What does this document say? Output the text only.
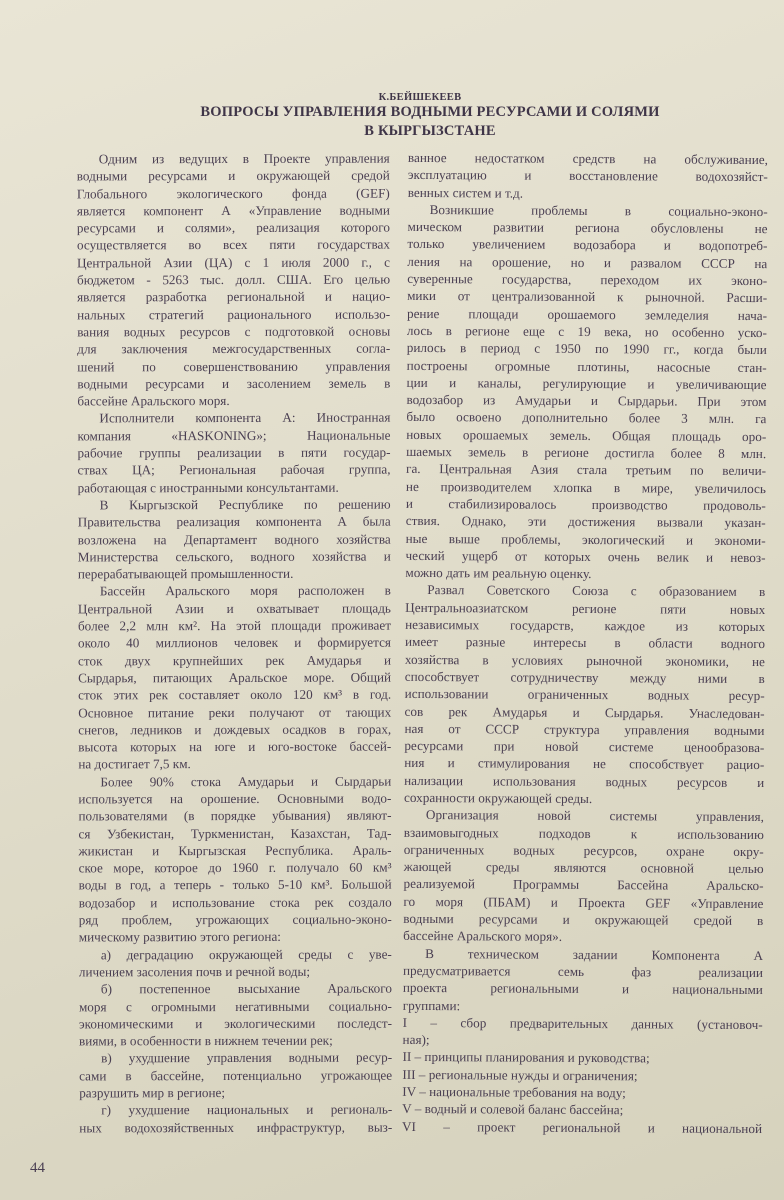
К.БЕЙШЕКЕЕВ
ВОПРОСЫ УПРАВЛЕНИЯ ВОДНЫМИ РЕСУРСАМИ И СОЛЯМИ
В КЫРГЫЗСТАНЕ
Одним из ведущих в Проекте управления
водными ресурсами и окружающей средой
Глобального экологического фонда (GEF)
является компонент А «Управление водными
ресурсами и солями», реализация которого
осуществляется во всех пяти государствах
Центральной Азии (ЦА) с 1 июля 2000 г., с
бюджетом - 5263 тыс. долл. США. Его целью
является разработка региональной и нацио-
нальных стратегий рационального использо-
вания водных ресурсов с подготовкой основы
для заключения межгосударственных согла-
шений по совершенствованию управления
водными ресурсами и засолением земель в
бассейне Аральского моря.
Исполнители компонента А: Иностранная
компания «HASKONING»; Национальные
рабочие группы реализации в пяти государ-
ствах ЦА; Региональная рабочая группа,
работающая с иностранными консультантами.
В Кыргызской Республике по решению
Правительства реализация компонента А была
возложена на Департамент водного хозяйства
Министерства сельского, водного хозяйства и
перерабатывающей промышленности.
Бассейн Аральского моря расположен в
Центральной Азии и охватывает площадь
более 2,2 млн км². На этой площади проживает
около 40 миллионов человек и формируется
сток двух крупнейших рек Амударья и
Сырдарья, питающих Аральское море. Общий
сток этих рек составляет около 120 км³ в год.
Основное питание реки получают от тающих
снегов, ледников и дождевых осадков в горах,
высота которых на юге и юго-востоке бассей-
на достигает 7,5 км.
Более 90% стока Амударьи и Сырдарьи
используется на орошение. Основными водо-
пользователями (в порядке убывания) являют-
ся Узбекистан, Туркменистан, Казахстан, Тад-
жикистан и Кыргызская Республика. Араль-
ское море, которое до 1960 г. получало 60 км³
воды в год, а теперь - только 5-10 км³. Большой
водозабор и использование стока рек создало
ряд проблем, угрожающих социально-эконо-
мическому развитию этого региона:
а) деградацию окружающей среды с уве-
личением засоления почв и речной воды;
б) постепенное высыхание Аральского
моря с огромными негативными социально-
экономическими и экологическими последст-
виями, в особенности в нижнем течении рек;
в) ухудшение управления водными ресур-
сами в бассейне, потенциально угрожающее
разрушить мир в регионе;
г) ухудшение национальных и региональ-
ных водохозяйственных инфраструктур, выз-
ванное недостатком средств на обслуживание,
эксплуатацию и восстановление водохозяйст-
венных систем и т.д.
Возникшие проблемы в социально-эконо-
мическом развитии региона обусловлены не
только увеличением водозабора и водопотреб-
ления на орошение, но и развалом СССР на
суверенные государства, переходом их эконо-
мики от централизованной к рыночной. Расши-
рение площади орошаемого земледелия нача-
лось в регионе еще с 19 века, но особенно уско-
рилось в период с 1950 по 1990 гг., когда были
построены огромные плотины, насосные стан-
ции и каналы, регулирующие и увеличивающие
водозабор из Амударьи и Сырдарьи. При этом
было освоено дополнительно более 3 млн. га
новых орошаемых земель. Общая площадь оро-
шаемых земель в регионе достигла более 8 млн.
га. Центральная Азия стала третьим по величи-
не производителем хлопка в мире, увеличилось
и стабилизировалось производство продоволь-
ствия. Однако, эти достижения вызвали указан-
ные выше проблемы, экологический и экономи-
ческий ущерб от которых очень велик и невоз-
можно дать им реальную оценку.
Развал Советского Союза с образованием в
Центральноазиатском регионе пяти новых
независимых государств, каждое из которых
имеет разные интересы в области водного
хозяйства в условиях рыночной экономики, не
способствует сотрудничеству между ними в
использовании ограниченных водных ресур-
сов рек Амударья и Сырдарья. Унаследован-
ная от СССР структура управления водными
ресурсами при новой системе ценообразова-
ния и стимулирования не способствует рацио-
нализации использования водных ресурсов и
сохранности окружающей среды.
Организация новой системы управления,
взаимовыгодных подходов к использованию
ограниченных водных ресурсов, охране окру-
жающей среды являются основной целью
реализуемой Программы Бассейна Аральско-
го моря (ПБАМ) и Проекта GEF «Управление
водными ресурсами и окружающей средой в
бассейне Аральского моря».
В техническом задании Компонента А
предусматривается семь фаз реализации
проекта региональными и национальными
группами:
I – сбор предварительных данных (установоч-
ная);
II – принципы планирования и руководства;
III – региональные нужды и ограничения;
IV – национальные требования на воду;
V – водный и солевой баланс бассейна;
VI – проект региональной и национальной
44
